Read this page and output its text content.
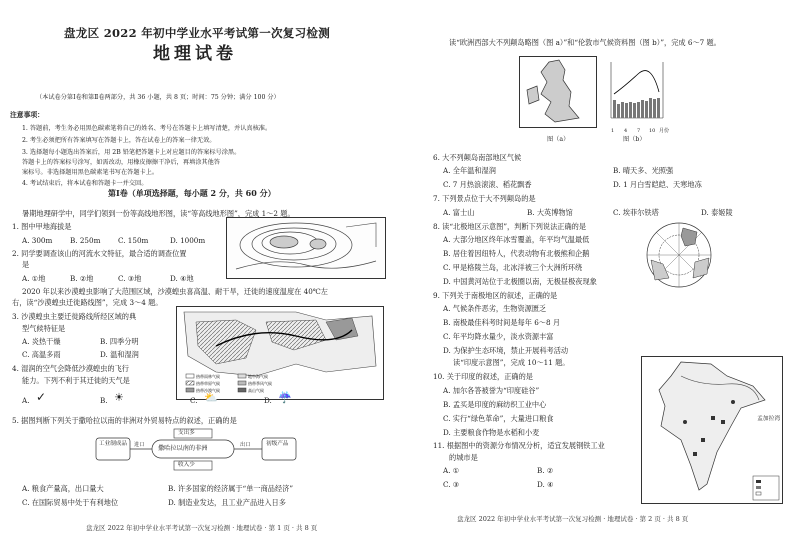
盘龙区 2022 年初中学业水平考试第一次复习检测
地理试卷
（本试卷分第Ⅰ卷和第Ⅱ卷两部分，共 36 小题，共 8 页；时间：75 分钟；满分 100 分）
注意事项：
1. 答题前，考生务必用黑色碳素笔将自己的姓名、考号在答题卡上填写清楚，并认真核准。
2. 考生必须把所有答案填写在答题卡上，答在试卷上的答案一律无效。
3. 选择题每小题选出答案后，用 2B 铅笔把答题卡上对应题目的答案标号涂黑。
答题卡上的答案标号涂写，如需改动，用橡皮擦擦干净后，再填涂其他答
案标号。非选择题用黑色碳素笔书写在答题卡上。
4. 考试结束后，将本试卷和答题卡一并交回。
第Ⅰ卷（单项选择题，每小题 2 分，共 60 分）
暑期地理研学中，同学们领到一份等高线地形图，读“等高线地形图”，完成 1～2 题。
1. 图中甲地海拔是
A. 300m B. 250m C. 150m	D. 1000m
2. 同学要调查该山的河流水文特征，最合适的调查位置
是
A. ①地	B. ②地	C. ③地	D. ④地
2020 年以来沙漠蝗虫影响了大范围区域，沙漠蝗虫喜高温、耐干旱，迁徙的速度温度在 40℃左
右，读“沙漠蝗虫迁徙路线图”，完成 3～4 题。
3. 沙漠蝗虫主要迁徙路线所经区域的典
型气候特征是
A. 炎热干燥	B. 四季分明
C. 高温多雨	D. 温和湿润
4. 湿润的空气会降低沙漠蝗虫的飞行
能力。下列不利于其迁徙的天气是	热带雨林气候
热带草原气候
热带沙漠气候
地中海气候
热带季风气候
高山气候
A. ✓	B. ☀	C. ⛅	D. ☔
5. 据图判断下列关于撒哈拉以南的非洲对外贸易特点的叙述，正确的是
工业制成品
撒哈拉以南的非洲
初级产品
支出多
收入少
进口	出口
A. 粮食产量高，出口量大	B. 许多国家的经济属于“单一商品经济”
C. 在国际贸易中处于有利地位	D. 制造业发达，且工业产品进入日多
盘龙区 2022 年初中学业水平考试第一次复习检测 · 地理试卷 · 第 1 页 · 共 8 页
读“欧洲西部大不列颠岛略图（图 a）”和“伦敦市气候资料图（图 b）”，完成 6～7 题。
图（a）
1 4 7 10 月份
图（b）
6. 大不列颠岛南部地区气候
A. 全年温和湿润	B. 晴天多、光照强
C. 7 月热浪滚滚、稻花飘香	D. 1 月白雪皑皑、天寒地冻
7. 下列景点位于大不列颠岛的是
A. 富士山	B. 大英博物馆	C. 埃菲尔铁塔	D. 泰姬陵
8. 读“北极地区示意图”，判断下列说法正确的是
A. 大部分地区终年冰雪覆盖，年平均气温最低
B. 居住着因纽特人，代表动物有北极熊和企鹅
C. 甲是格陵兰岛，北冰洋被三个大洲所环绕
D. 中国黄河站位于北极圈以南，无极昼极夜现象
9. 下列关于南极地区的叙述，正确的是
A. 气候条件恶劣，生物资源匮乏
B. 南极最佳科考时间是每年 6～8 月
C. 年平均降水量少，淡水资源丰富
D. 为保护生态环境，禁止开展科考活动
读“印度示意图”，完成 10～11 题。
10. 关于印度的叙述，正确的是
A. 加尔各答被誉为“印度硅谷”
B. 孟买是印度的麻纺织工业中心
C. 实行“绿色革命”，大量进口粮食
D. 主要粮食作物是水稻和小麦
11. 根据图中的资源分布情况分析，适宜发展钢铁工业
的城市是
A. ①	B. ②
C. ③	D. ④
孟加拉湾
盘龙区 2022 年初中学业水平考试第一次复习检测 · 地理试卷 · 第 2 页 · 共 8 页
